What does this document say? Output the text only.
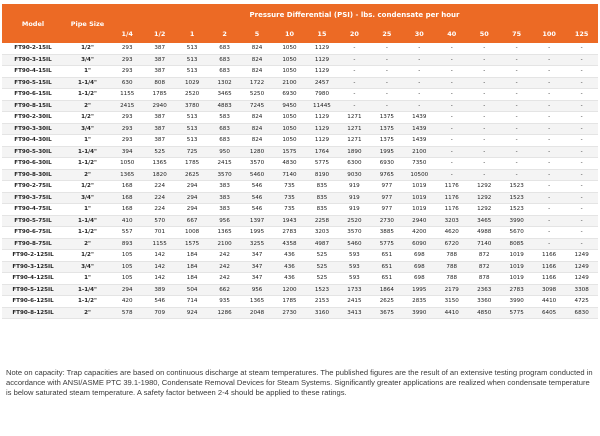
Model	Pipe Size	Pressure Differential (PSI) - lbs. condensate per hour														
		1/4	1/2	1	2	5	10	15	20	25	30	40	50	75	100	125
FT90-2-15IL	1/2"	293	387	513	683	824	1050	1129	-	-	-	-	-	-	-	-
FT90-3-15IL	3/4"	293	387	513	683	824	1050	1129	-	-	-	-	-	-	-	-
FT90-4-15IL	1"	293	387	513	683	824	1050	1129	-	-	-	-	-	-	-	-
FT90-5-15IL	1-1/4"	630	808	1029	1302	1722	2100	2457	-	-	-	-	-	-	-	-
FT90-6-15IL	1-1/2"	1155	1785	2520	3465	5250	6930	7980	-	-	-	-	-	-	-	-
FT90-8-15IL	2"	2415	2940	3780	4883	7245	9450	11445	-	-	-	-	-	-	-	-
FT90-2-30IL	1/2"	293	387	513	583	824	1050	1129	1271	1375	1439	-	-	-	-	-
FT90-3-30IL	3/4"	293	387	513	683	824	1050	1129	1271	1375	1439	-	-	-	-	-
FT90-4-30IL	1"	293	387	513	683	824	1050	1129	1271	1375	1439	-	-	-	-	-
FT90-5-30IL	1-1/4"	394	525	725	950	1280	1575	1764	1890	1995	2100	-	-	-	-	-
FT90-6-30IL	1-1/2"	1050	1365	1785	2415	3570	4830	5775	6300	6930	7350	-	-	-	-	-
FT90-8-30IL	2"	1365	1820	2625	3570	5460	7140	8190	9030	9765	10500	-	-	-	-	-
FT90-2-75IL	1/2"	168	224	294	383	546	735	835	919	977	1019	1176	1292	1523	-	-
FT90-3-75IL	3/4"	168	224	294	383	546	735	835	919	977	1019	1176	1292	1523	-	-
FT90-4-75IL	1"	168	224	294	383	546	735	835	919	977	1019	1176	1292	1523	-	-
FT90-5-75IL	1-1/4"	410	570	667	956	1397	1943	2258	2520	2730	2940	3203	3465	3990	-	-
FT90-6-75IL	1-1/2"	557	701	1008	1365	1995	2783	3203	3570	3885	4200	4620	4988	5670	-	-
FT90-8-75IL	2"	893	1155	1575	2100	3255	4358	4987	5460	5775	6090	6720	7140	8085	-	-
FT90-2-125IL	1/2"	105	142	184	242	347	436	525	593	651	698	788	872	1019	1166	1249
FT90-3-125IL	3/4"	105	142	184	242	347	436	525	593	651	698	788	872	1019	1166	1249
FT90-4-125IL	1"	105	142	184	242	347	436	525	593	651	698	788	878	1019	1166	1249
FT90-5-125IL	1-1/4"	294	389	504	662	956	1200	1523	1733	1864	1995	2179	2363	2783	3098	3308
FT90-6-125IL	1-1/2"	420	546	714	935	1365	1785	2153	2415	2625	2835	3150	3360	3990	4410	4725
FT90-8-125IL	2"	578	709	924	1286	2048	2730	3160	3413	3675	3990	4410	4850	5775	6405	6830

Note on capacity: Trap capacities are based on continuous discharge at steam temperatures. The published figures are the result of an extensive testing program conducted in accordance with ANSI/ASME PTC 39.1-1980, Condensate Removal Devices for Steam Systems. Significantly greater applications are realized when condensate temperature is below saturated steam temperature. A safety factor between 2-4 should be applied to these ratings.
